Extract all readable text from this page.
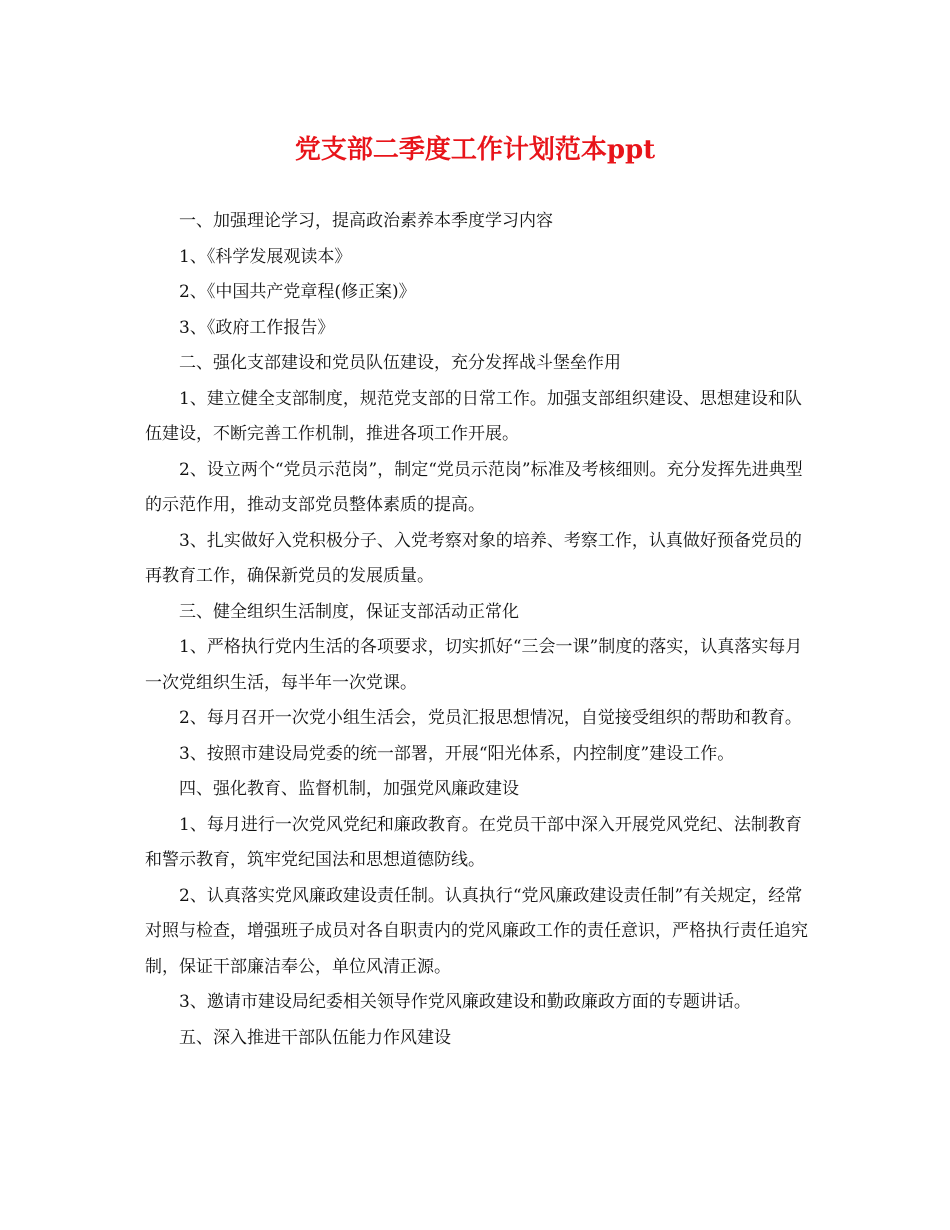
党支部二季度工作计划范本ppt

一、加强理论学习，提高政治素养本季度学习内容

1、《科学发展观读本》

2、《中国共产党章程(修正案)》

3、《政府工作报告》

二、强化支部建设和党员队伍建设，充分发挥战斗堡垒作用

1、建立健全支部制度，规范党支部的日常工作。加强支部组织建设、思想建设和队伍建设，不断完善工作机制，推进各项工作开展。

2、设立两个“党员示范岗”，制定“党员示范岗”标准及考核细则。充分发挥先进典型的示范作用，推动支部党员整体素质的提高。

3、扎实做好入党积极分子、入党考察对象的培养、考察工作，认真做好预备党员的再教育工作，确保新党员的发展质量。

三、健全组织生活制度，保证支部活动正常化

1、严格执行党内生活的各项要求，切实抓好“三会一课”制度的落实，认真落实每月一次党组织生活，每半年一次党课。

2、每月召开一次党小组生活会，党员汇报思想情况，自觉接受组织的帮助和教育。

3、按照市建设局党委的统一部署，开展“阳光体系，内控制度”建设工作。

四、强化教育、监督机制，加强党风廉政建设

1、每月进行一次党风党纪和廉政教育。在党员干部中深入开展党风党纪、法制教育和警示教育，筑牢党纪国法和思想道德防线。

2、认真落实党风廉政建设责任制。认真执行“党风廉政建设责任制”有关规定，经常对照与检查，增强班子成员对各自职责内的党风廉政工作的责任意识，严格执行责任追究制，保证干部廉洁奉公，单位风清正源。

3、邀请市建设局纪委相关领导作党风廉政建设和勤政廉政方面的专题讲话。

五、深入推进干部队伍能力作风建设
